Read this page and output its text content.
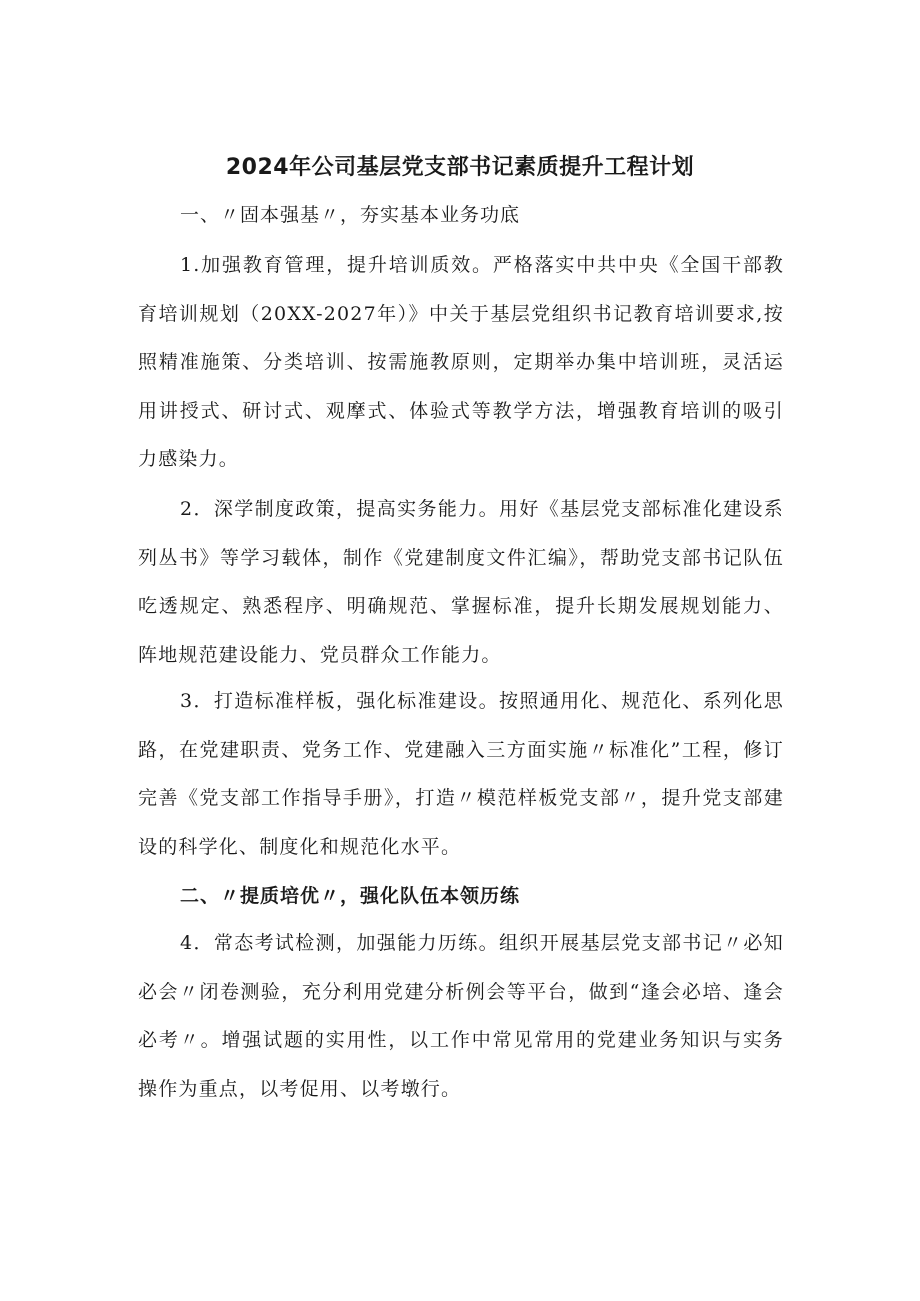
2024年公司基层党支部书记素质提升工程计划

一、〃固本强基〃，夯实基本业务功底

1.加强教育管理，提升培训质效。严格落实中共中央《全国干部教育培训规划（20XX-2027年）》中关于基层党组织书记教育培训要求,按照精准施策、分类培训、按需施教原则，定期举办集中培训班，灵活运用讲授式、研讨式、观摩式、体验式等教学方法，增强教育培训的吸引力感染力。

2．深学制度政策，提高实务能力。用好《基层党支部标准化建设系列丛书》等学习载体，制作《党建制度文件汇编》，帮助党支部书记队伍吃透规定、熟悉程序、明确规范、掌握标准，提升长期发展规划能力、阵地规范建设能力、党员群众工作能力。

3．打造标准样板，强化标准建设。按照通用化、规范化、系列化思路，在党建职责、党务工作、党建融入三方面实施〃标准化”工程，修订完善《党支部工作指导手册》，打造〃模范样板党支部〃，提升党支部建设的科学化、制度化和规范化水平。

二、〃提质培优〃，强化队伍本领历练

4．常态考试检测，加强能力历练。组织开展基层党支部书记〃必知必会〃闭卷测验，充分利用党建分析例会等平台，做到“逢会必培、逢会必考〃。增强试题的实用性，以工作中常见常用的党建业务知识与实务操作为重点，以考促用、以考墩行。
